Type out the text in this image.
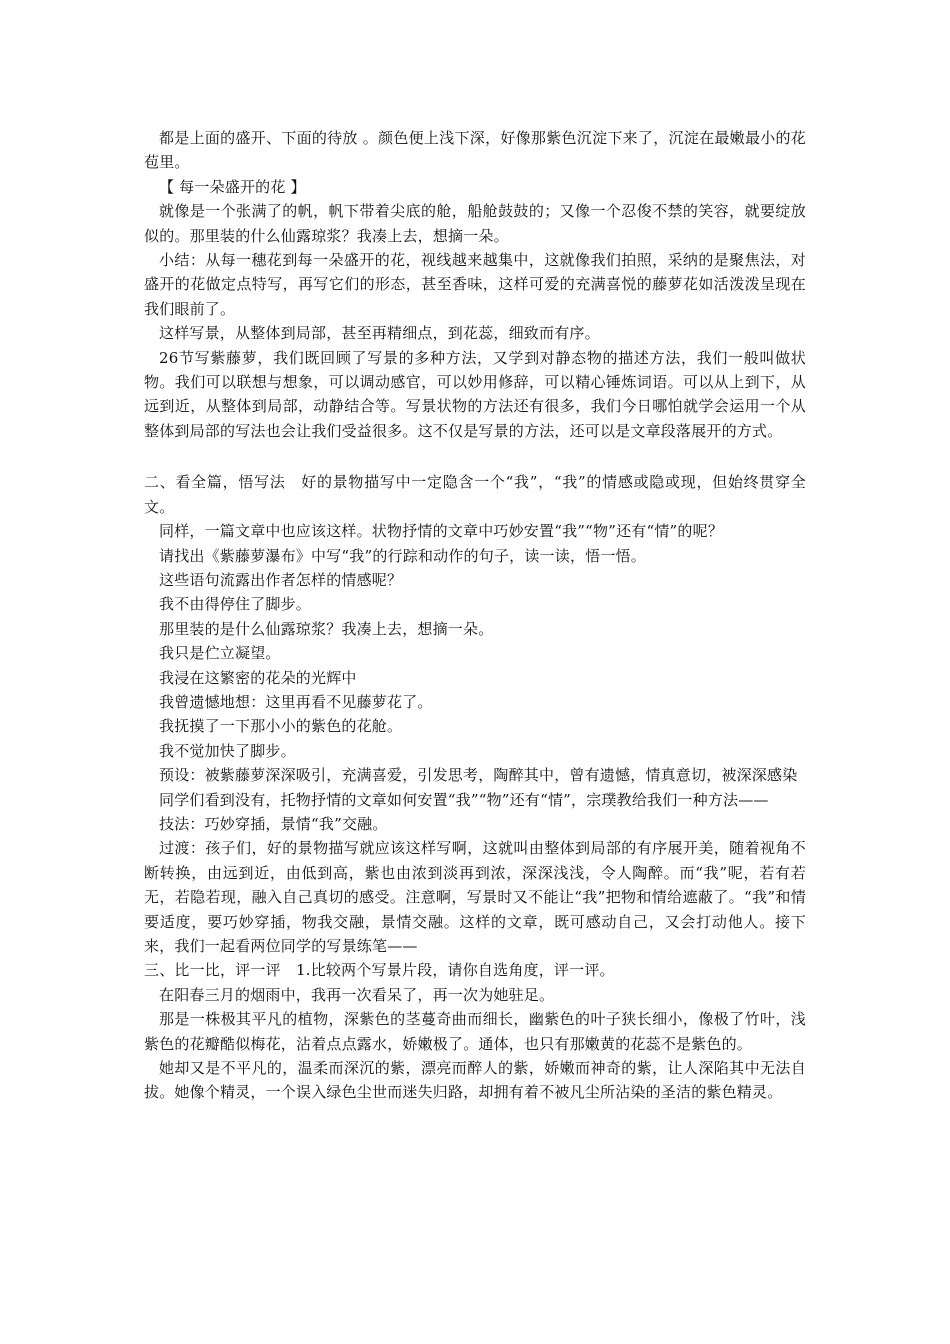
都是上面的盛开、下面的待放 。颜色便上浅下深，好像那紫色沉淀下来了，沉淀在最嫩最小的花苞里。

【 每一朵盛开的花 】

就像是一个张满了的帆，帆下带着尖底的舱，船舱鼓鼓的；又像一个忍俊不禁的笑容，就要绽放似的。那里装的什么仙露琼浆？我凑上去，想摘一朵。

小结：从每一穗花到每一朵盛开的花，视线越来越集中，这就像我们拍照，采纳的是聚焦法，对盛开的花做定点特写，再写它们的形态，甚至香味，这样可爱的充满喜悦的藤萝花如活泼泼呈现在我们眼前了。

这样写景，从整体到局部，甚至再精细点，到花蕊，细致而有序。

26节写紫藤萝，我们既回顾了写景的多种方法，又学到对静态物的描述方法，我们一般叫做状物。我们可以联想与想象，可以调动感官，可以妙用修辞，可以精心锤炼词语。可以从上到下，从远到近，从整体到局部，动静结合等。写景状物的方法还有很多，我们今日哪怕就学会运用一个从整体到局部的写法也会让我们受益很多。这不仅是写景的方法，还可以是文章段落展开的方式。

二、看全篇，悟写法　好的景物描写中一定隐含一个“我”，“我”的情感或隐或现，但始终贯穿全文。

同样，一篇文章中也应该这样。状物抒情的文章中巧妙安置“我”“物”还有“情”的呢？

请找出《紫藤萝瀑布》中写“我”的行踪和动作的句子，读一读，悟一悟。

这些语句流露出作者怎样的情感呢？

我不由得停住了脚步。

那里装的是什么仙露琼浆？我凑上去，想摘一朵。

我只是伫立凝望。

我浸在这繁密的花朵的光辉中

我曾遗憾地想：这里再看不见藤萝花了。

我抚摸了一下那小小的紫色的花舱。

我不觉加快了脚步。

预设：被紫藤萝深深吸引，充满喜爱，引发思考，陶醉其中，曾有遗憾，情真意切，被深深感染

同学们看到没有，托物抒情的文章如何安置“我”“物”还有“情”，宗璞教给我们一种方法——

技法：巧妙穿插，景情“我”交融。

过渡：孩子们，好的景物描写就应该这样写啊，这就叫由整体到局部的有序展开美，随着视角不断转换，由远到近，由低到高，紫也由浓到淡再到浓，深深浅浅，令人陶醉。而“我”呢，若有若无，若隐若现，融入自己真切的感受。注意啊，写景时又不能让“我”把物和情给遮蔽了。“我”和情要适度，要巧妙穿插，物我交融，景情交融。这样的文章，既可感动自己，又会打动他人。接下来，我们一起看两位同学的写景练笔——

三、比一比，评一评　1.比较两个写景片段，请你自选角度，评一评。

在阳春三月的烟雨中，我再一次看呆了，再一次为她驻足。

那是一株极其平凡的植物，深紫色的茎蔓奇曲而细长，幽紫色的叶子狭长细小，像极了竹叶，浅紫色的花瓣酷似梅花，沾着点点露水，娇嫩极了。通体，也只有那嫩黄的花蕊不是紫色的。

她却又是不平凡的，温柔而深沉的紫，漂亮而醉人的紫，娇嫩而神奇的紫，让人深陷其中无法自拔。她像个精灵，一个误入绿色尘世而迷失归路，却拥有着不被凡尘所沾染的圣洁的紫色精灵。
